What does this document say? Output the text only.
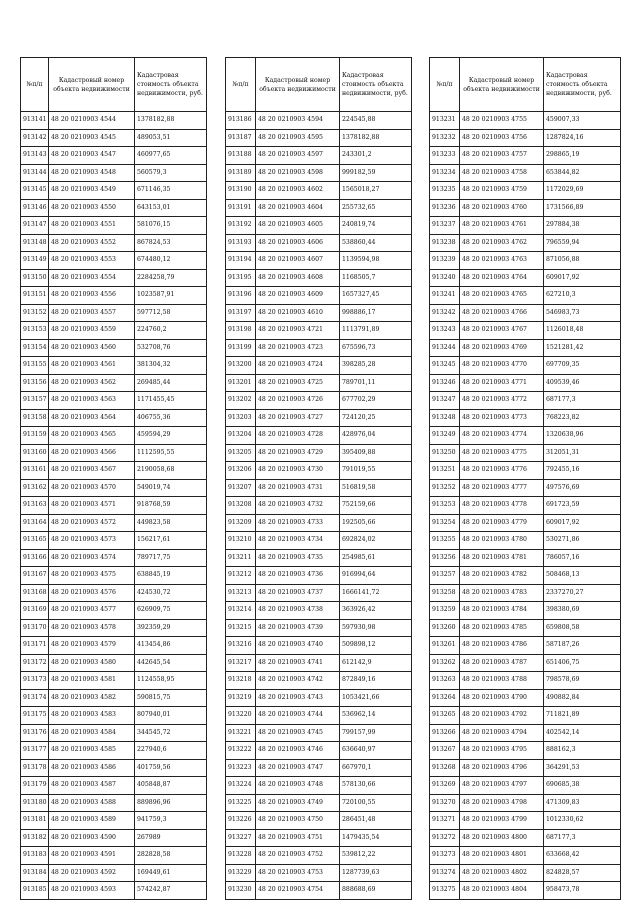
№п/п	Кадастровый номер объекта недвижимости	Кадастровая стоимость объекта недвижимости, руб.
913141	48 20 0210903 4544	1378182,88
913142	48 20 0210903 4545	489053,51
913143	48 20 0210903 4547	460977,65
913144	48 20 0210903 4548	560579,3
913145	48 20 0210903 4549	671146,35
913146	48 20 0210903 4550	643153,01
913147	48 20 0210903 4551	581076,15
913148	48 20 0210903 4552	867824,53
913149	48 20 0210903 4553	674480,12
913150	48 20 0210903 4554	2284258,79
913151	48 20 0210903 4556	1023587,91
913152	48 20 0210903 4557	597712,58
913153	48 20 0210903 4559	224760,2
913154	48 20 0210903 4560	532708,76
913155	48 20 0210903 4561	381304,32
913156	48 20 0210903 4562	269485,44
913157	48 20 0210903 4563	1171455,45
913158	48 20 0210903 4564	406755,36
913159	48 20 0210903 4565	459594,29
913160	48 20 0210903 4566	1112595,55
913161	48 20 0210903 4567	2190058,68
913162	48 20 0210903 4570	549019,74
913163	48 20 0210903 4571	918768,59
913164	48 20 0210903 4572	449823,58
913165	48 20 0210903 4573	156217,61
913166	48 20 0210903 4574	789717,75
913167	48 20 0210903 4575	638845,19
913168	48 20 0210903 4576	424530,72
913169	48 20 0210903 4577	626909,75
913170	48 20 0210903 4578	392359,29
913171	48 20 0210903 4579	413454,86
913172	48 20 0210903 4580	442645,54
913173	48 20 0210903 4581	1124558,95
913174	48 20 0210903 4582	590815,75
913175	48 20 0210903 4583	807940,01
913176	48 20 0210903 4584	344545,72
913177	48 20 0210903 4585	227940,6
913178	48 20 0210903 4586	401759,56
913179	48 20 0210903 4587	405848,87
913180	48 20 0210903 4588	889896,96
913181	48 20 0210903 4589	941759,3
913182	48 20 0210903 4590	267989
913183	48 20 0210903 4591	282828,58
913184	48 20 0210903 4592	169449,61
913185	48 20 0210903 4593	574242,87
№п/п	Кадастровый номер объекта недвижимости	Кадастровая стоимость объекта недвижимости, руб.
913186	48 20 0210903 4594	224545,88
913187	48 20 0210903 4595	1378182,88
913188	48 20 0210903 4597	243301,2
913189	48 20 0210903 4598	999182,59
913190	48 20 0210903 4602	1565018,27
913191	48 20 0210903 4604	255732,65
913192	48 20 0210903 4605	240819,74
913193	48 20 0210903 4606	538860,44
913194	48 20 0210903 4607	1139594,98
913195	48 20 0210903 4608	1168505,7
913196	48 20 0210903 4609	1657327,45
913197	48 20 0210903 4610	998886,17
913198	48 20 0210903 4721	1113791,89
913199	48 20 0210903 4723	675596,73
913200	48 20 0210903 4724	398285,28
913201	48 20 0210903 4725	789701,11
913202	48 20 0210903 4726	677702,29
913203	48 20 0210903 4727	724120,25
913204	48 20 0210903 4728	428976,04
913205	48 20 0210903 4729	395409,88
913206	48 20 0210903 4730	791019,55
913207	48 20 0210903 4731	516819,58
913208	48 20 0210903 4732	752159,66
913209	48 20 0210903 4733	192505,66
913210	48 20 0210903 4734	692824,02
913211	48 20 0210903 4735	254985,61
913212	48 20 0210903 4736	916994,64
913213	48 20 0210903 4737	1666141,72
913214	48 20 0210903 4738	363926,42
913215	48 20 0210903 4739	597930,98
913216	48 20 0210903 4740	509898,12
913217	48 20 0210903 4741	612142,9
913218	48 20 0210903 4742	872849,16
913219	48 20 0210903 4743	1053421,66
913220	48 20 0210903 4744	536962,14
913221	48 20 0210903 4745	799157,99
913222	48 20 0210903 4746	636640,97
913223	48 20 0210903 4747	667970,1
913224	48 20 0210903 4748	578130,66
913225	48 20 0210903 4749	720100,55
913226	48 20 0210903 4750	286451,48
913227	48 20 0210903 4751	1479435,54
913228	48 20 0210903 4752	539812,22
913229	48 20 0210903 4753	1287739,63
913230	48 20 0210903 4754	888688,69
№п/п	Кадастровый номер объекта недвижимости	Кадастровая стоимость объекта недвижимости, руб.
913231	48 20 0210903 4755	459007,33
913232	48 20 0210903 4756	1287824,16
913233	48 20 0210903 4757	298865,19
913234	48 20 0210903 4758	653844,82
913235	48 20 0210903 4759	1172029,69
913236	48 20 0210903 4760	1731566,89
913237	48 20 0210903 4761	297884,38
913238	48 20 0210903 4762	796559,94
913239	48 20 0210903 4763	871056,88
913240	48 20 0210903 4764	609017,92
913241	48 20 0210903 4765	627210,3
913242	48 20 0210903 4766	546983,73
913243	48 20 0210903 4767	1126018,48
913244	48 20 0210903 4769	1521281,42
913245	48 20 0210903 4770	697709,35
913246	48 20 0210903 4771	409539,46
913247	48 20 0210903 4772	687177,3
913248	48 20 0210903 4773	768223,82
913249	48 20 0210903 4774	1320638,96
913250	48 20 0210903 4775	312051,31
913251	48 20 0210903 4776	792455,16
913252	48 20 0210903 4777	497576,69
913253	48 20 0210903 4778	691723,59
913254	48 20 0210903 4779	609017,92
913255	48 20 0210903 4780	530271,86
913256	48 20 0210903 4781	786057,16
913257	48 20 0210903 4782	508468,13
913258	48 20 0210903 4783	2337270,27
913259	48 20 0210903 4784	398380,69
913260	48 20 0210903 4785	659808,58
913261	48 20 0210903 4786	587187,26
913262	48 20 0210903 4787	651406,75
913263	48 20 0210903 4788	798578,69
913264	48 20 0210903 4790	490882,84
913265	48 20 0210903 4792	711821,89
913266	48 20 0210903 4794	402542,14
913267	48 20 0210903 4795	888162,3
913268	48 20 0210903 4796	364291,53
913269	48 20 0210903 4797	690685,38
913270	48 20 0210903 4798	471309,83
913271	48 20 0210903 4799	1012330,62
913272	48 20 0210903 4800	687177,3
913273	48 20 0210903 4801	633668,42
913274	48 20 0210903 4802	824828,57
913275	48 20 0210903 4804	958473,78
